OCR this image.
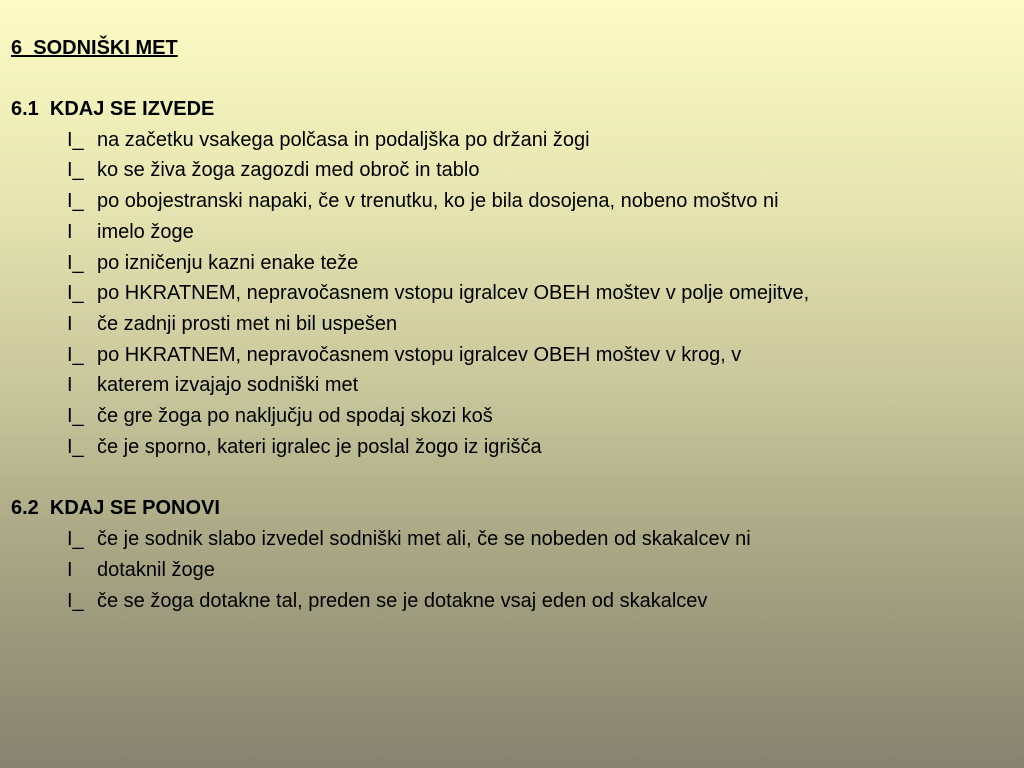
6  SODNIŠKI MET
6.1  KDAJ SE IZVEDE
I_ na začetku vsakega polčasa in podaljška po držani žogi
I_ ko se živa žoga zagozdi med obroč in tablo
I_ po obojestranski napaki, če v trenutku, ko je bila dosojena, nobeno moštvo ni
I	imelo žoge
I_ po izničenju kazni enake teže
I_ po HKRATNEM, nepravočasnem vstopu igralcev OBEH moštev v polje omejitve,
I	če zadnji prosti met ni bil uspešen
I_ po HKRATNEM, nepravočasnem vstopu igralcev OBEH moštev v krog, v
I	katerem izvajajo sodniški met
I_ če gre žoga po naključju od spodaj skozi koš
I_ če je sporno, kateri igralec je poslal žogo iz igrišča
6.2  KDAJ SE PONOVI
I_ če je sodnik slabo izvedel sodniški met ali, če se nobeden od skakalcev ni
I	dotaknil žoge
I_ če se žoga dotakne tal, preden se je dotakne vsaj eden od skakalcev
